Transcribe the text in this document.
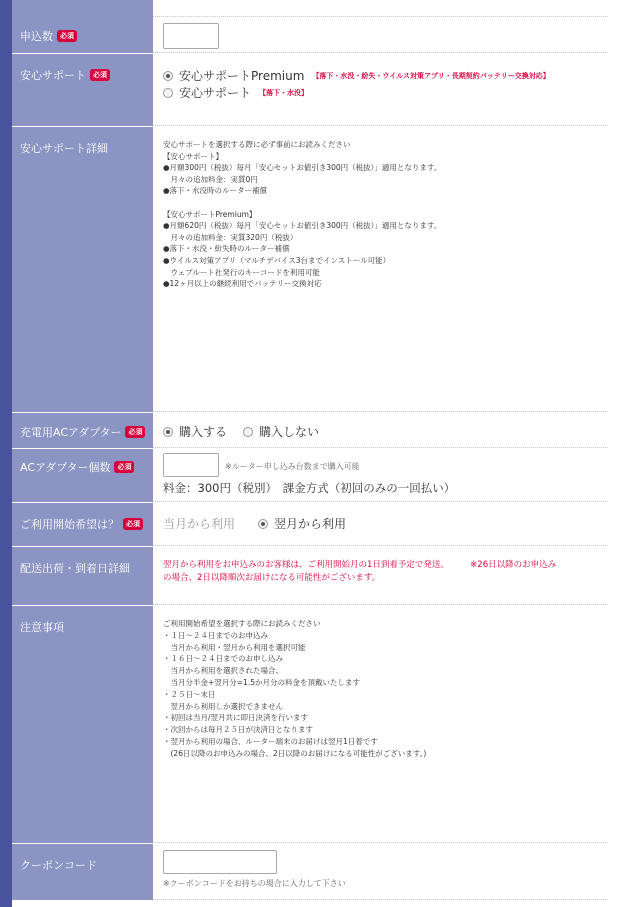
申込数	必須
安心サポート	必須	安心サポートPremium 【落下・水没・紛失・ウイルス対策アプリ・長期契約バッテリー交換対応】
安心サポート 【落下・水没】
安心サポート詳細	安心サポートを選択する際に必ず事前にお読みください
【安心サポート】
●月額300円（税抜）毎月「安心セットお値引き300円（税抜）」適用となります。
　月々の追加料金：実質0円
●落下・水没時のルーター補償

【安心サポートPremium】
●月額620円（税抜）毎月「安心セットお値引き300円（税抜）」適用となります。
　月々の追加料金：実質320円（税抜）
●落下・水没・紛失時のルーター補償
●ウイルス対策アプリ（マルチデバイス3台までインストール可能）
　ウェブルート社発行のキーコードを利用可能
●12ヶ月以上の継続利用でバッテリー交換対応
充電用ACアダプター	必須	購入する	購入しない
ACアダプター個数	必須	※ルーター申し込み台数まで購入可能
料金：300円（税別）　課金方式（初回のみの一回払い）
ご利用開始希望は？	必須 当月から利用	翌月から利用
配送出荷・到着日詳細	翌月から利用をお申込みのお客様は、ご利用開始月の1日到着予定で発送。　　　※26日以降のお申込み
の場合、2日以降順次お届けになる可能性がございます。
注意事項	ご利用開始希望を選択する際にお読みください
・１日～２４日までのお申込み
　当月から利用・翌月から利用を選択可能
・１６日～２４日までのお申し込み
　当月から利用を選択された場合、
　当月分半金+翌月分=1.5か月分の料金を頂戴いたします
・２５日～末日
　翌月から利用しか選択できません
・初回は当月/翌月共に即日決済を行います
・次回からは毎月２５日が決済日となります
・翌月から利用の場合、ルーター端末のお届けは翌月1日着です
　(26日以降のお申込みの場合、2日以降のお届けになる可能性がございます。)
クーポンコード
※クーポンコードをお持ちの場合に入力して下さい
